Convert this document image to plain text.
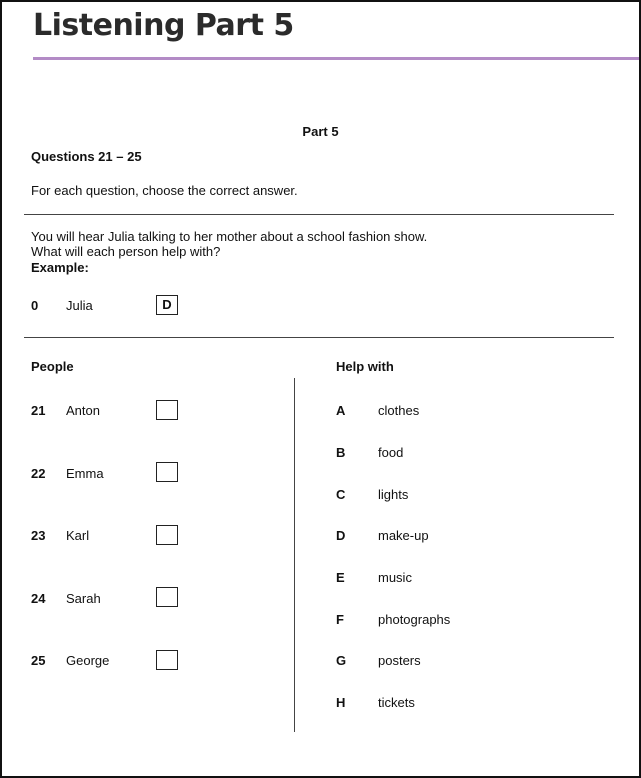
Listening Part 5
Part 5
Questions 21 – 25
For each question, choose the correct answer.
You will hear Julia talking to her mother about a school fashion show.
What will each person help with?
Example:
0 Julia	D
People	Help with
21 Anton
22 Emma
23 Karl
24 Sarah
25 George
A	clothes
B	food
C	lights
D	make-up
E	music
F	photographs
G posters
H	tickets
